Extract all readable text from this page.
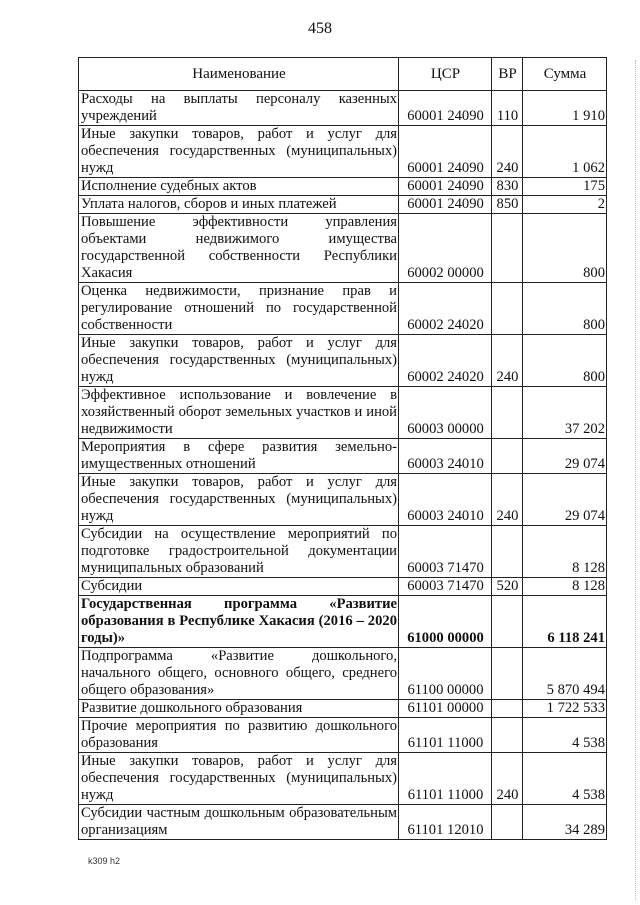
458
Наименование	ЦСР	ВР	Сумма
Расходы на выплаты персоналу казенных учреждений	60001 24090	110	1 910
Иные закупки товаров, работ и услуг для обеспечения государственных (муниципальных) нужд	60001 24090	240	1 062
Исполнение судебных актов	60001 24090	830	175
Уплата налогов, сборов и иных платежей	60001 24090	850	2
Повышение эффективности управления объектами недвижимого имущества государственной собственности Республики Хакасия	60002 00000		800
Оценка недвижимости, признание прав и регулирование отношений по государственной собственности	60002 24020		800
Иные закупки товаров, работ и услуг для обеспечения государственных (муниципальных) нужд	60002 24020	240	800
Эффективное использование и вовлечение в хозяйственный оборот земельных участков и иной недвижимости	60003 00000		37 202
Мероприятия в сфере развития земельно-имущественных отношений	60003 24010		29 074
Иные закупки товаров, работ и услуг для обеспечения государственных (муниципальных) нужд	60003 24010	240	29 074
Субсидии на осуществление мероприятий по подготовке градостроительной документации муниципальных образований	60003 71470		8 128
Субсидии	60003 71470	520	8 128
Государственная программа «Развитие образования в Республике Хакасия (2016 – 2020 годы)»	61000 00000		6 118 241
Подпрограмма «Развитие дошкольного, начального общего, основного общего, среднего общего образования»	61100 00000		5 870 494
Развитие дошкольного образования	61101 00000		1 722 533
Прочие мероприятия по развитию дошкольного образования	61101 11000		4 538
Иные закупки товаров, работ и услуг для обеспечения государственных (муниципальных) нужд	61101 11000	240	4 538
Субсидии частным дошкольным образовательным организациям	61101 12010		34 289
k309 h2
